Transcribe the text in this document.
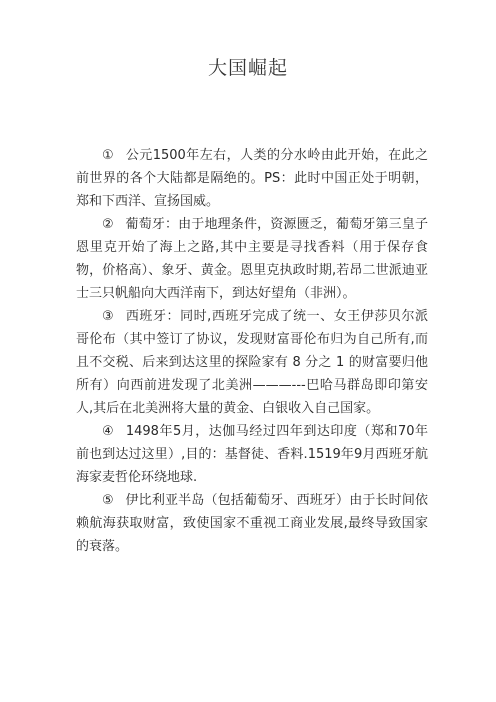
大国崛起

① 公元1500年左右，人类的分水岭由此开始，在此之前世界的各个大陆都是隔绝的。PS：此时中国正处于明朝，郑和下西洋、宣扬国威。

② 葡萄牙：由于地理条件，资源匮乏，葡萄牙第三皇子恩里克开始了海上之路,其中主要是寻找香料（用于保存食物，价格高）、象牙、黄金。恩里克执政时期,若昂二世派迪亚士三只帆船向大西洋南下，到达好望角（非洲）。

③ 西班牙：同时,西班牙完成了统一、女王伊莎贝尔派哥伦布（其中签订了协议，发现财富哥伦布归为自己所有,而且不交税、后来到达这里的探险家有 8 分之 1 的财富要归他所有）向西前进发现了北美洲———---巴哈马群岛即印第安人,其后在北美洲将大量的黄金、白银收入自己国家。

④ 1498年5月，达伽马经过四年到达印度（郑和70年前也到达过这里）,目的：基督徒、香料.1519年9月西班牙航海家麦哲伦环绕地球.

⑤ 伊比利亚半岛（包括葡萄牙、西班牙）由于长时间依赖航海获取财富，致使国家不重视工商业发展,最终导致国家的衰落。
